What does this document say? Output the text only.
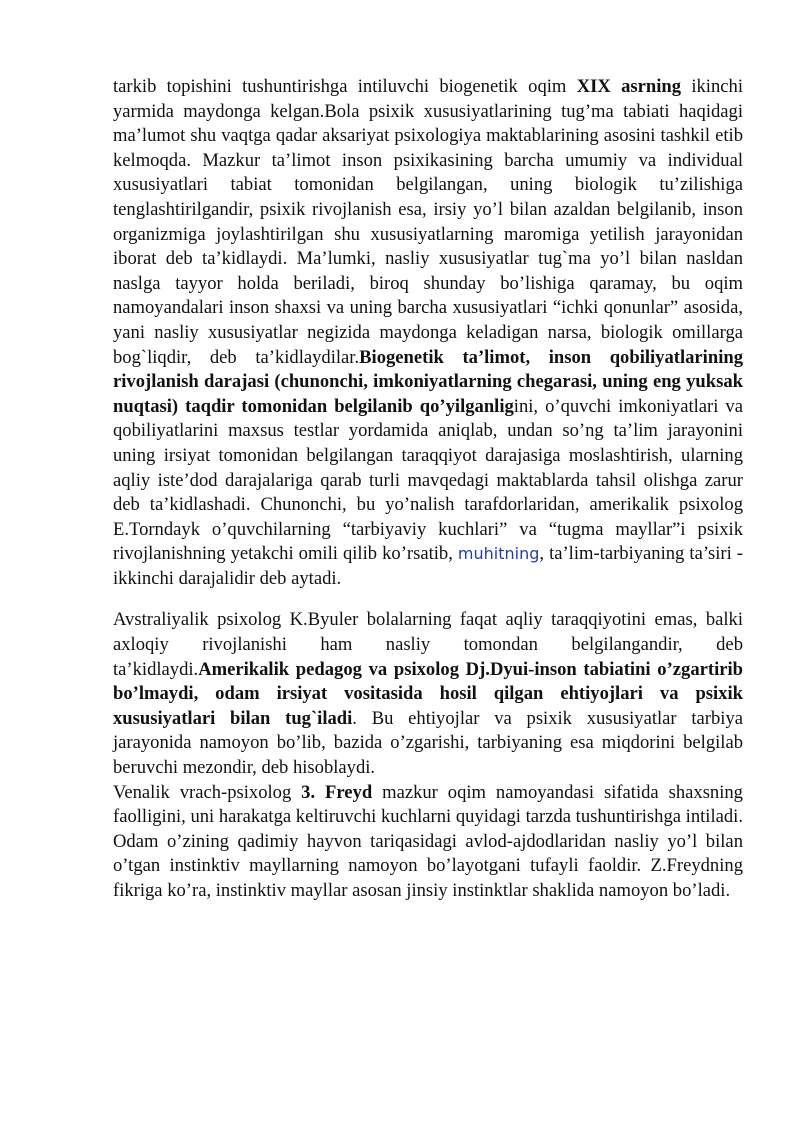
tarkib topishini tushuntirishga intiluvchi biogenetik oqim XIX asrning ikinchi yarmida maydonga kelgan.Bola psixik xususiyatlarining tug’ma tabiati haqidagi ma’lumot shu vaqtga qadar aksariyat psixologiya maktablarining asosini tashkil etib kelmoqda. Mazkur ta’limot inson psixikasining barcha umumiy va individual xususiyatlari tabiat tomonidan belgilangan, uning biologik tu’zilishiga tenglashtirilgandir, psixik rivojlanish esa, irsiy yo’l bilan azaldan belgilanib, inson organizmiga joylashtirilgan shu xususiyatlarning maromiga yetilish jarayonidan iborat deb ta’kidlaydi. Ma’lumki, nasliy xususiyatlar tug`ma yo’l bilan nasldan naslga tayyor holda beriladi, biroq shunday bo’lishiga qaramay, bu oqim namoyandalari inson shaxsi va uning barcha xususiyatlari “ichki qonunlar” asosida, yani nasliy xususiyatlar negizida maydonga keladigan narsa, biologik omillarga bog`liqdir, deb ta’kidlaydilar.Biogenetik ta’limot, inson qobiliyatlarining rivojlanish darajasi (chunonchi, imkoniyatlarning chegarasi, uning eng yuksak nuqtasi) taqdir tomonidan belgilanib qo’yilganligini, o’quvchi imkoniyatlari va qobiliyatlarini maxsus testlar yordamida aniqlab, undan so’ng ta’lim jarayonini uning irsiyat tomonidan belgilangan taraqqiyot darajasiga moslashtirish, ularning aqliy iste’dod darajalariga qarab turli mavqedagi maktablarda tahsil olishga zarur deb ta’kidlashadi. Chunonchi, bu yo’nalish tarafdorlaridan, amerikalik psixolog E.Torndayk o’quvchilarning “tarbiyaviy kuchlari” va “tugma mayllar”i psixik rivojlanishning yetakchi omili qilib ko’rsatib, muhitning, ta’lim-tarbiyaning ta’siri - ikkinchi darajalidir deb aytadi.

Avstraliyalik psixolog K.Byuler bolalarning faqat aqliy taraqqiyotini emas, balki axloqiy rivojlanishi ham nasliy tomondan belgilangandir, deb ta’kidlaydi.Amerikalik pedagog va psixolog Dj.Dyui-inson tabiatini o’zgartirib bo’lmaydi, odam irsiyat vositasida hosil qilgan ehtiyojlari va psixik xususiyatlari bilan tug`iladi. Bu ehtiyojlar va psixik xususiyatlar tarbiya jarayonida namoyon bo’lib, bazida o’zgarishi, tarbiyaning esa miqdorini belgilab beruvchi mezondir, deb hisoblaydi.

Venalik vrach-psixolog 3. Freyd mazkur oqim namoyandasi sifatida shaxsning faolligini, uni harakatga keltiruvchi kuchlarni quyidagi tarzda tushuntirishga intiladi. Odam o’zining qadimiy hayvon tariqasidagi avlod-ajdodlaridan nasliy yo’l bilan o’tgan instinktiv mayllarning namoyon bo’layotgani tufayli faoldir. Z.Freydning fikriga ko’ra, instinktiv mayllar asosan jinsiy instinktlar shaklida namoyon bo’ladi.
